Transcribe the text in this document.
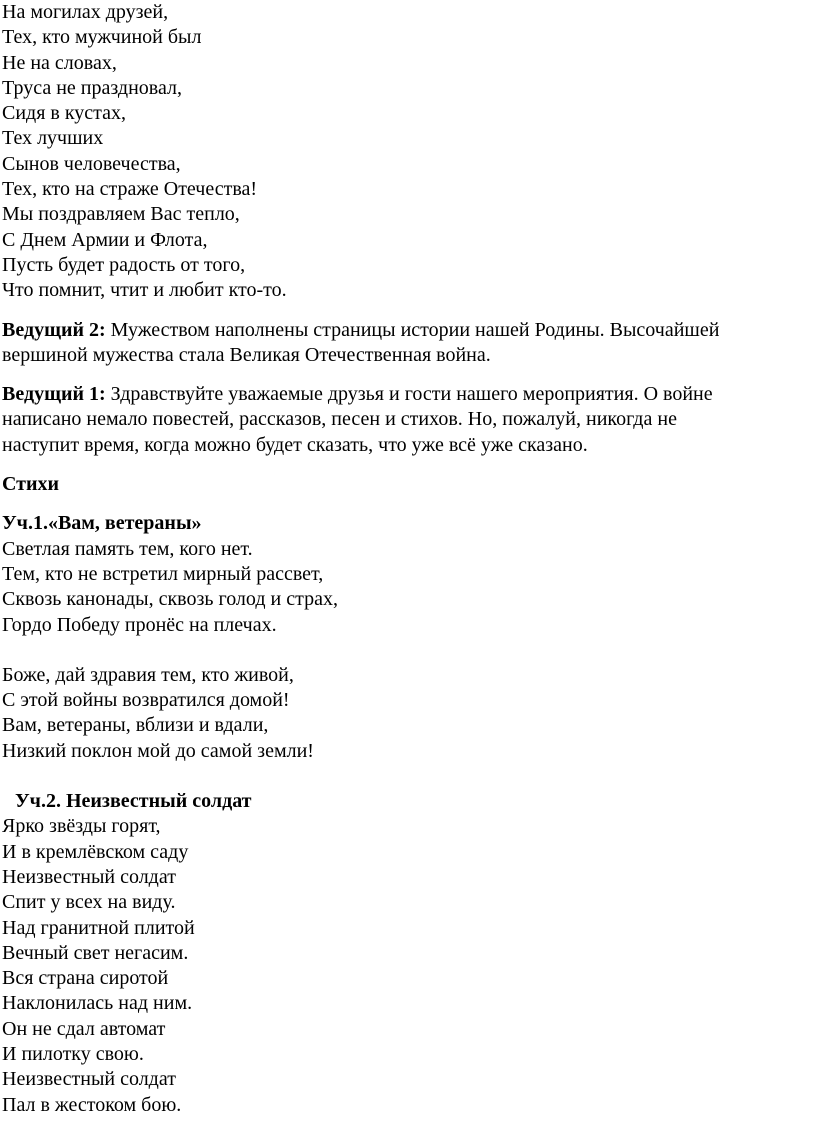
На могилах друзей,
Тех, кто мужчиной был
Не на словах,
Труса не праздновал,
Сидя в кустах,
Тех лучших
Сынов человечества,
Тех, кто на страже Отечества!
Мы поздравляем Вас тепло,
С Днем Армии и Флота,
Пусть будет радость от того,
Что помнит, чтит и любит кто-то.
Ведущий 2: Мужеством наполнены страницы истории нашей Родины. Высочайшей
вершиной мужества стала Великая Отечественная война.
Ведущий 1: Здравствуйте уважаемые друзья и гости нашего мероприятия. О войне
написано немало повестей, рассказов, песен и стихов. Но, пожалуй, никогда не
наступит время, когда можно будет сказать, что уже всё уже сказано.
Стихи
Уч.1.«Вам, ветераны»
Светлая память тем, кого нет.
Тем, кто не встретил мирный рассвет,
Сквозь канонады, сквозь голод и страх,
Гордо Победу пронёс на плечах.
Боже, дай здравия тем, кто живой,
С этой войны возвратился домой!
Вам, ветераны, вблизи и вдали,
Низкий поклон мой до самой земли!
Уч.2. Неизвестный солдат
Ярко звёзды горят,
И в кремлёвском саду
Неизвестный солдат
Спит у всех на виду.
Над гранитной плитой
Вечный свет негасим.
Вся страна сиротой
Наклонилась над ним.
Он не сдал автомат
И пилотку свою.
Неизвестный солдат
Пал в жестоком бою.
